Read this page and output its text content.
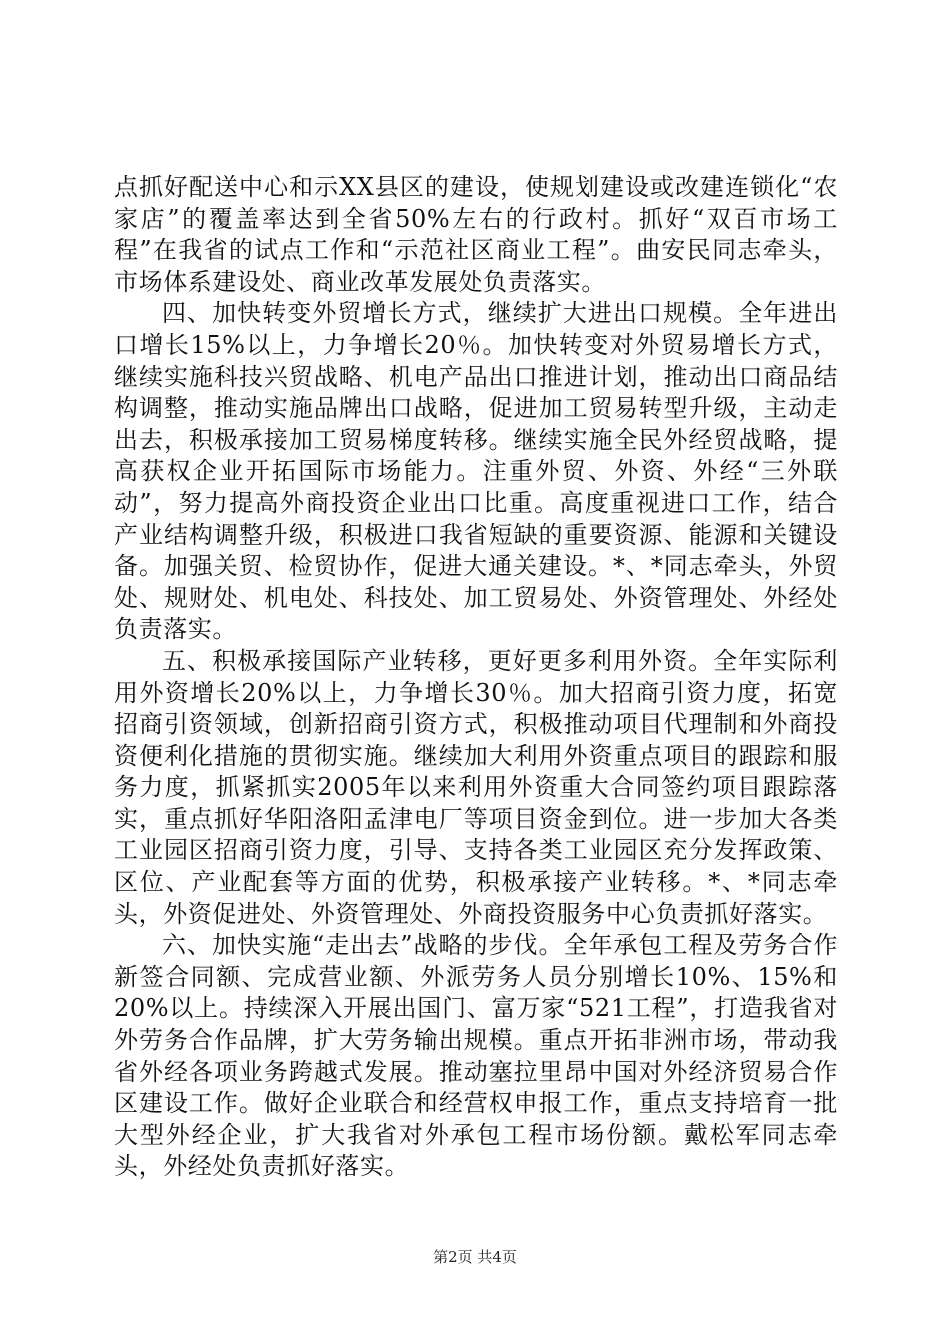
点抓好配送中心和示XX县区的建设，使规划建设或改建连锁化“农家店”的覆盖率达到全省50%左右的行政村。抓好“双百市场工程”在我省的试点工作和“示范社区商业工程”。曲安民同志牵头，市场体系建设处、商业改革发展处负责落实。

四、加快转变外贸增长方式，继续扩大进出口规模。全年进出口增长15%以上，力争增长20％。加快转变对外贸易增长方式，继续实施科技兴贸战略、机电产品出口推进计划，推动出口商品结构调整，推动实施品牌出口战略，促进加工贸易转型升级，主动走出去，积极承接加工贸易梯度转移。继续实施全民外经贸战略，提高获权企业开拓国际市场能力。注重外贸、外资、外经“三外联动”，努力提高外商投资企业出口比重。高度重视进口工作，结合产业结构调整升级，积极进口我省短缺的重要资源、能源和关键设备。加强关贸、检贸协作，促进大通关建设。*、*同志牵头，外贸处、规财处、机电处、科技处、加工贸易处、外资管理处、外经处负责落实。

五、积极承接国际产业转移，更好更多利用外资。全年实际利用外资增长20%以上，力争增长30％。加大招商引资力度，拓宽招商引资领域，创新招商引资方式，积极推动项目代理制和外商投资便利化措施的贯彻实施。继续加大利用外资重点项目的跟踪和服务力度，抓紧抓实2005年以来利用外资重大合同签约项目跟踪落实，重点抓好华阳洛阳孟津电厂等项目资金到位。进一步加大各类工业园区招商引资力度，引导、支持各类工业园区充分发挥政策、区位、产业配套等方面的优势，积极承接产业转移。*、*同志牵头，外资促进处、外资管理处、外商投资服务中心负责抓好落实。

六、加快实施“走出去”战略的步伐。全年承包工程及劳务合作新签合同额、完成营业额、外派劳务人员分别增长10%、15%和20%以上。持续深入开展出国门、富万家“521工程”，打造我省对外劳务合作品牌，扩大劳务输出规模。重点开拓非洲市场，带动我省外经各项业务跨越式发展。推动塞拉里昂中国对外经济贸易合作区建设工作。做好企业联合和经营权申报工作，重点支持培育一批大型外经企业，扩大我省对外承包工程市场份额。戴松军同志牵头，外经处负责抓好落实。

第2页 共4页
